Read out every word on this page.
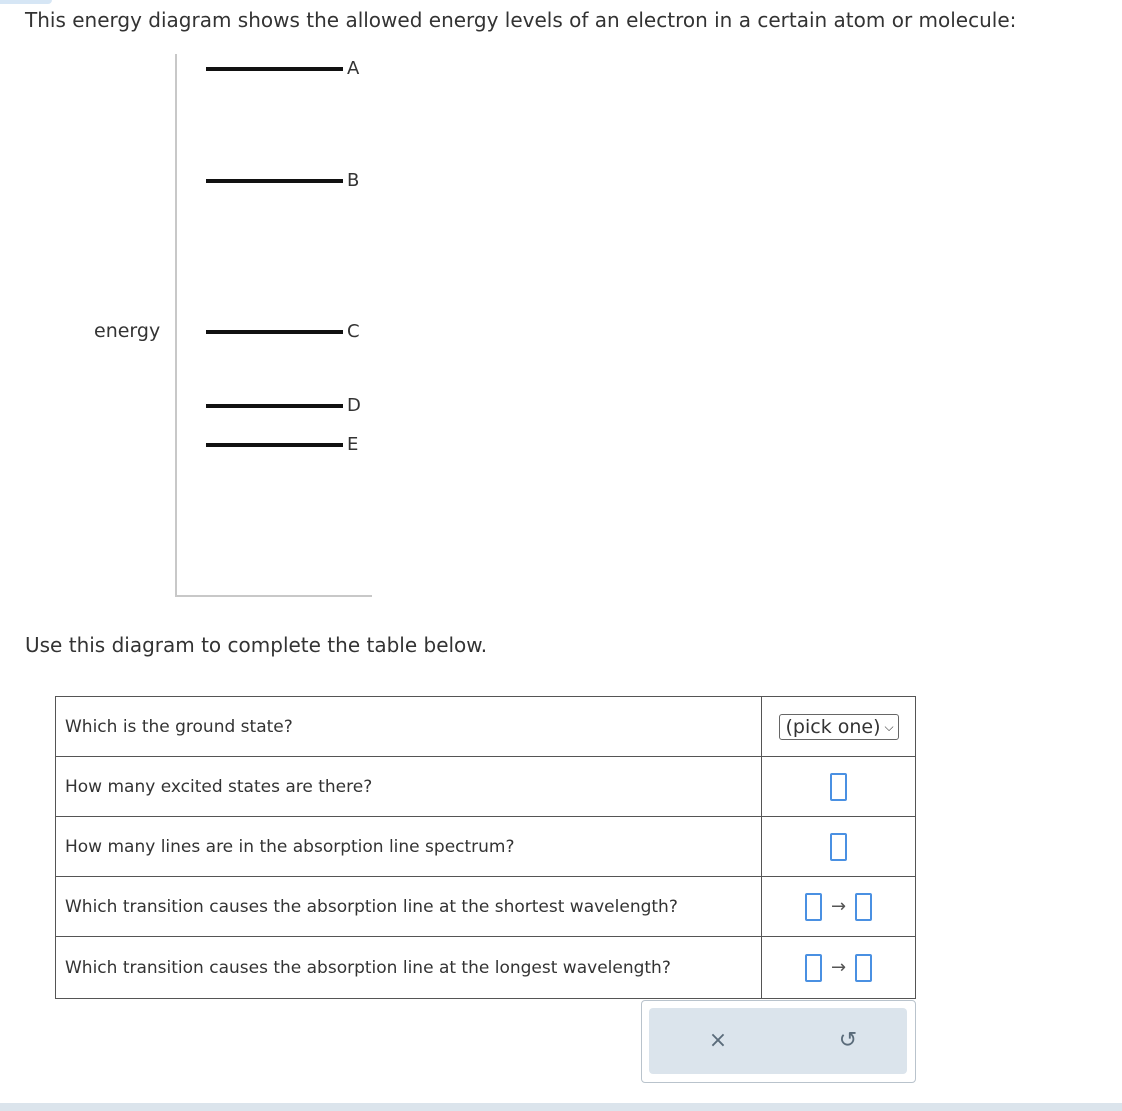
This energy diagram shows the allowed energy levels of an electron in a certain atom or molecule:
energy
A
B
C
D
E
Use this diagram to complete the table below.
Which is the ground state?	(pick one) ⌵
How many excited states are there?	
How many lines are in the absorption line spectrum?	
Which transition causes the absorption line at the shortest wavelength?	→
Which transition causes the absorption line at the longest wavelength?	→
×	↺
